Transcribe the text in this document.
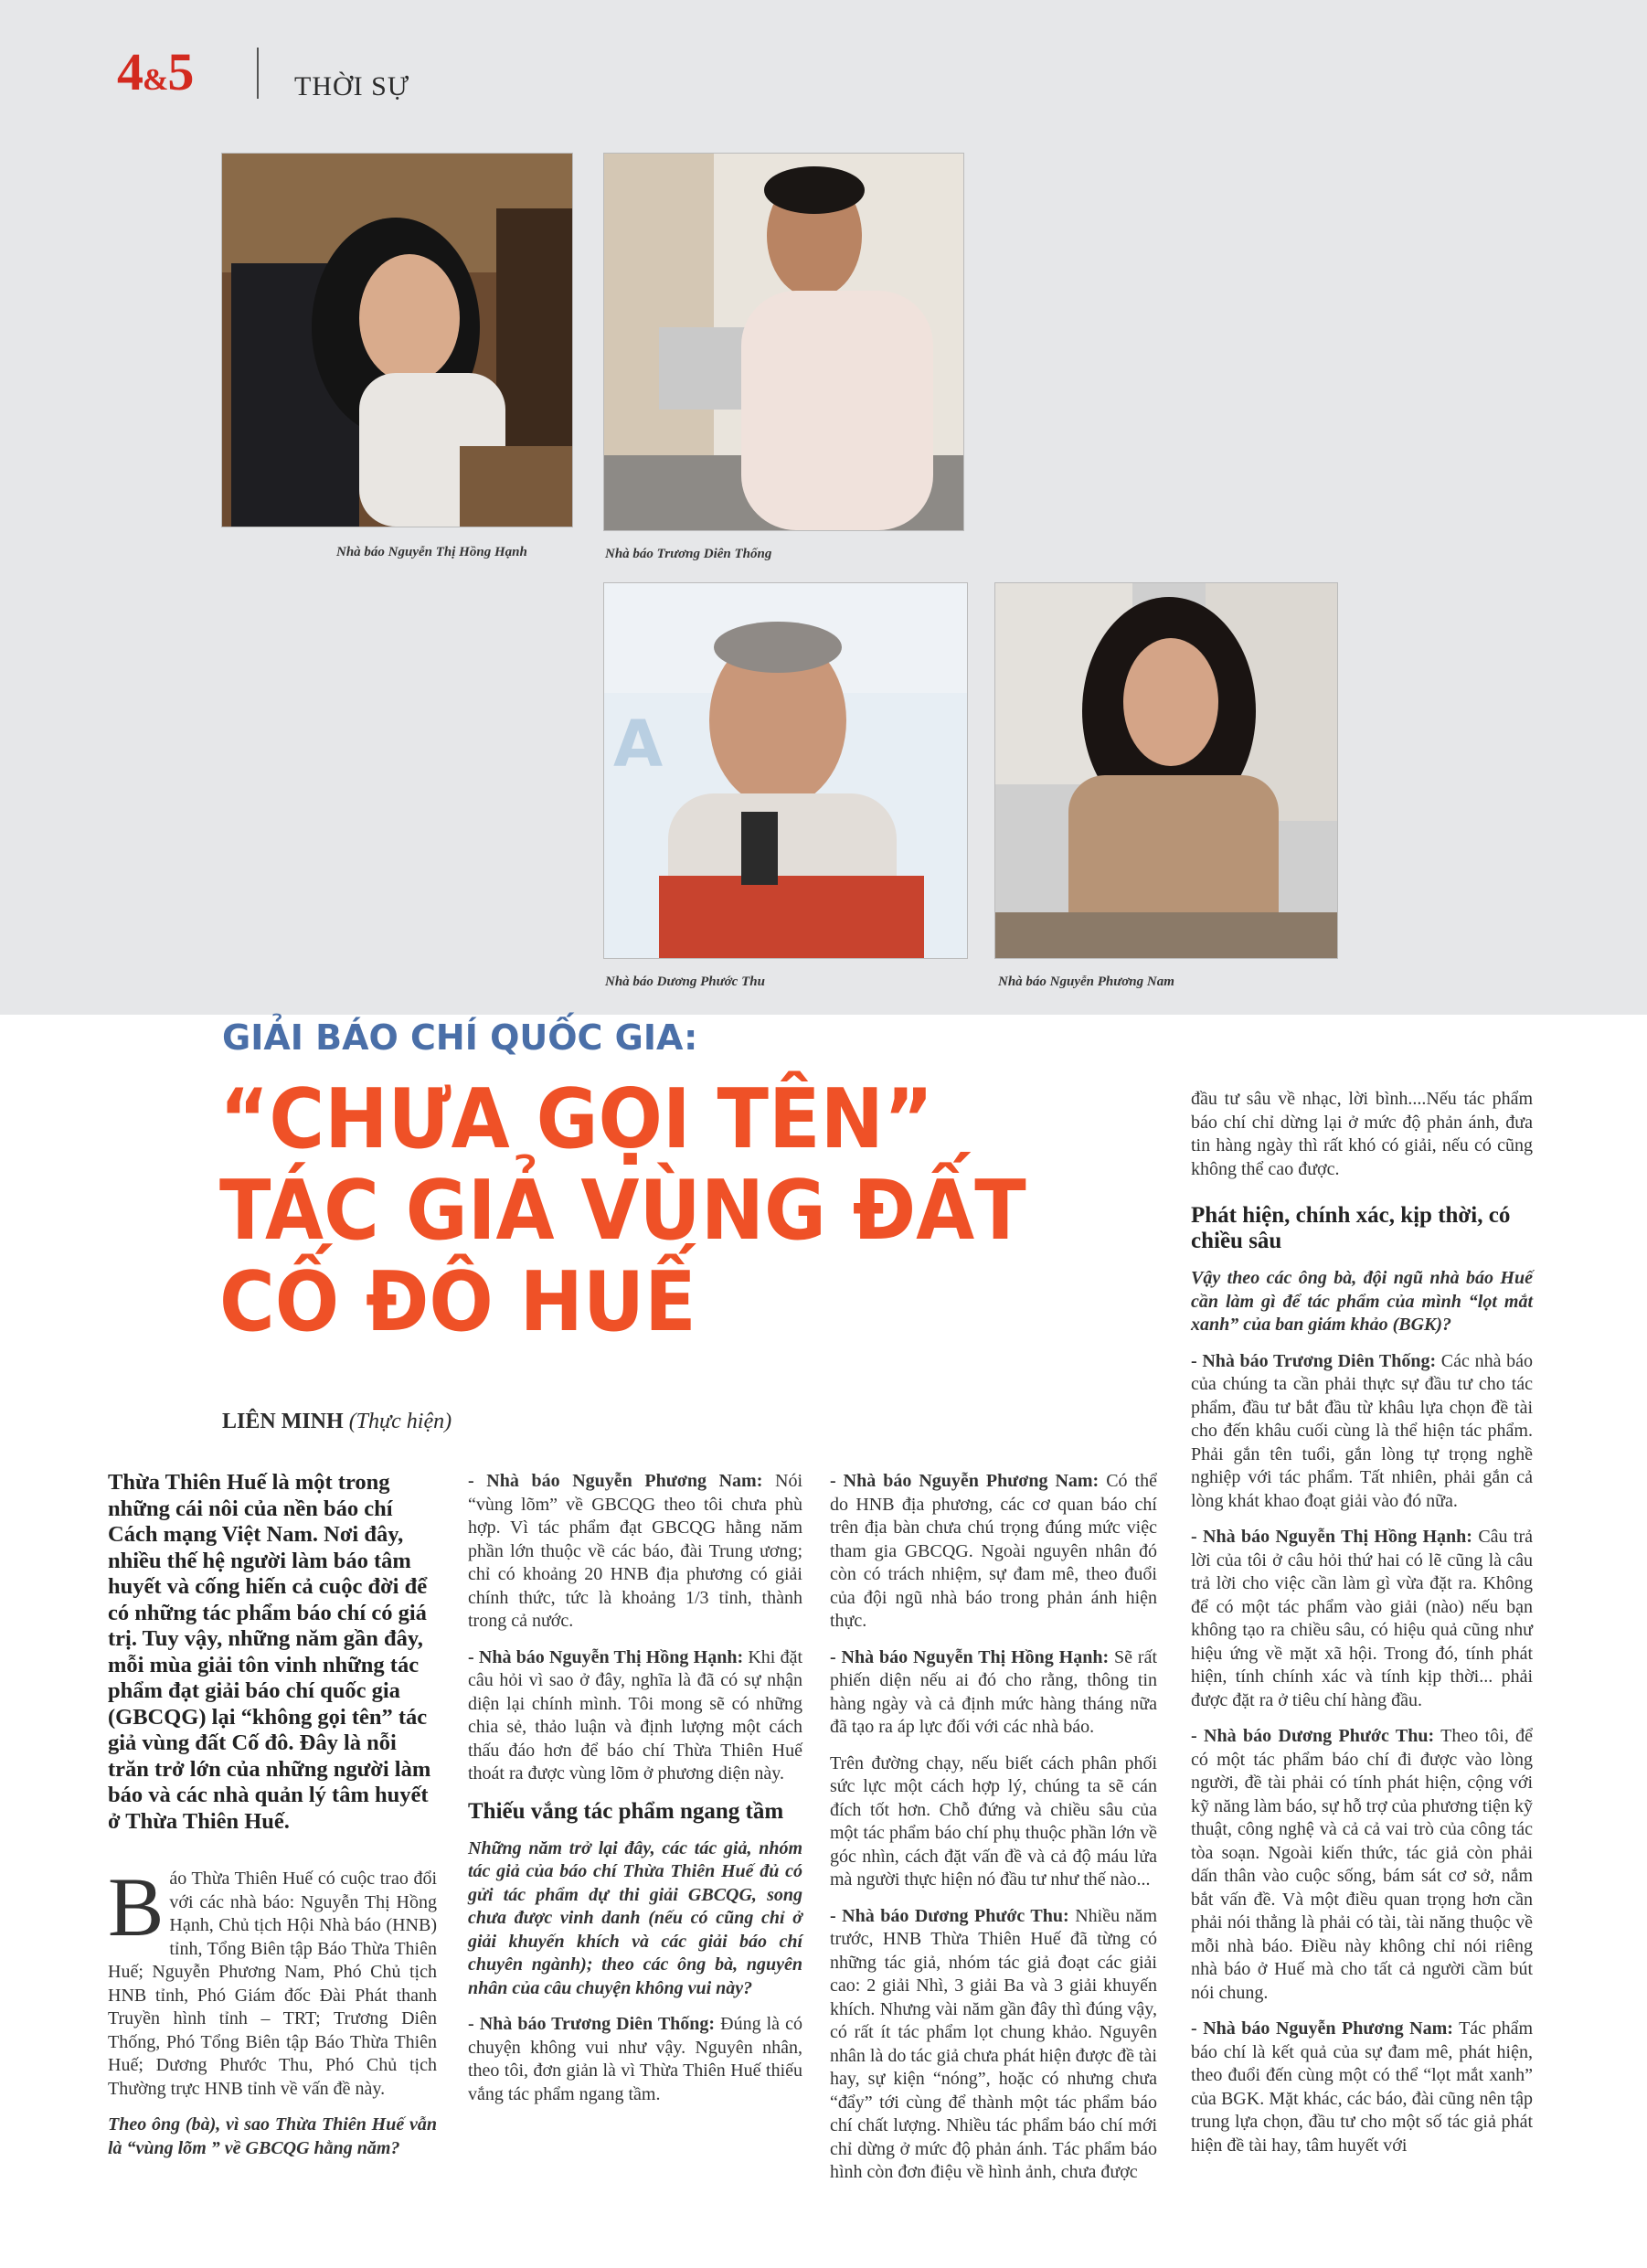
4&5	THỜI SỰ
Nhà báo Nguyễn Thị Hồng Hạnh	Nhà báo Trương Diên Thống
A
Nhà báo Dương Phước Thu	Nhà báo Nguyễn Phương Nam
GIẢI BÁO CHÍ QUỐC GIA:
“CHƯA GỌI TÊN”
TÁC GIẢ VÙNG ĐẤT
CỐ ĐÔ HUẾ
LIÊN MINH (Thực hiện)

Thừa Thiên Huế là một trong những cái nôi của nền báo chí Cách mạng Việt Nam. Nơi đây, nhiều thế hệ người làm báo tâm huyết và cống hiến cả cuộc đời để có những tác phẩm báo chí có giá trị. Tuy vậy, những năm gần đây, mỗi mùa giải tôn vinh những tác phẩm đạt giải báo chí quốc gia (GBCQG) lại “không gọi tên” tác giả vùng đất Cố đô. Đây là nỗi trăn trở lớn của những người làm báo và các nhà quản lý tâm huyết ở Thừa Thiên Huế.

Báo Thừa Thiên Huế có cuộc trao đổi với các nhà báo: Nguyễn Thị Hồng Hạnh, Chủ tịch Hội Nhà báo (HNB) tỉnh, Tổng Biên tập Báo Thừa Thiên Huế; Nguyễn Phương Nam, Phó Chủ tịch HNB tỉnh, Phó Giám đốc Đài Phát thanh Truyền hình tỉnh – TRT; Trương Diên Thống, Phó Tổng Biên tập Báo Thừa Thiên Huế; Dương Phước Thu, Phó Chủ tịch Thường trực HNB tỉnh về vấn đề này.

Theo ông (bà), vì sao Thừa Thiên Huế vẫn là “vùng lõm ” về GBCQG hằng năm?

- Nhà báo Nguyễn Phương Nam: Nói “vùng lõm” về GBCQG theo tôi chưa phù hợp. Vì tác phẩm đạt GBCQG hằng năm phần lớn thuộc về các báo, đài Trung ương; chỉ có khoảng 20 HNB địa phương có giải chính thức, tức là khoảng 1/3 tỉnh, thành trong cả nước.

- Nhà báo Nguyễn Thị Hồng Hạnh: Khi đặt câu hỏi vì sao ở đây, nghĩa là đã có sự nhận diện lại chính mình. Tôi mong sẽ có những chia sẻ, thảo luận và định lượng một cách thấu đáo hơn để báo chí Thừa Thiên Huế thoát ra được vùng lõm ở phương diện này.

Thiếu vắng tác phẩm ngang tầm

Những năm trở lại đây, các tác giả, nhóm tác giả của báo chí Thừa Thiên Huế đủ có gửi tác phẩm dự thi giải GBCQG, song chưa được vinh danh (nếu có cũng chỉ ở giải khuyến khích và các giải báo chí chuyên ngành); theo các ông bà, nguyên nhân của câu chuyện không vui này?

- Nhà báo Trương Diên Thống: Đúng là có chuyện không vui như vậy. Nguyên nhân, theo tôi, đơn giản là vì Thừa Thiên Huế thiếu vắng tác phẩm ngang tầm.

- Nhà báo Nguyễn Phương Nam: Có thể do HNB địa phương, các cơ quan báo chí trên địa bàn chưa chú trọng đúng mức việc tham gia GBCQG. Ngoài nguyên nhân đó còn có trách nhiệm, sự đam mê, theo đuổi của đội ngũ nhà báo trong phản ánh hiện thực.

- Nhà báo Nguyễn Thị Hồng Hạnh: Sẽ rất phiến diện nếu ai đó cho rằng, thông tin hàng ngày và cả định mức hàng tháng nữa đã tạo ra áp lực đối với các nhà báo.

Trên đường chạy, nếu biết cách phân phối sức lực một cách hợp lý, chúng ta sẽ cán đích tốt hơn. Chỗ đứng và chiều sâu của một tác phẩm báo chí phụ thuộc phần lớn về góc nhìn, cách đặt vấn đề và cả độ máu lửa mà người thực hiện nó đầu tư như thế nào...

- Nhà báo Dương Phước Thu: Nhiều năm trước, HNB Thừa Thiên Huế đã từng có những tác giả, nhóm tác giả đoạt các giải cao: 2 giải Nhì, 3 giải Ba và 3 giải khuyến khích. Nhưng vài năm gần đây thì đúng vậy, có rất ít tác phẩm lọt chung khảo. Nguyên nhân là do tác giả chưa phát hiện được đề tài hay, sự kiện “nóng”, hoặc có nhưng chưa “đẩy” tới cùng để thành một tác phẩm báo chí chất lượng. Nhiều tác phẩm báo chí mới chỉ dừng ở mức độ phản ánh. Tác phẩm báo hình còn đơn điệu về hình ảnh, chưa được

đầu tư sâu về nhạc, lời bình....Nếu tác phẩm báo chí chỉ dừng lại ở mức độ phản ánh, đưa tin hàng ngày thì rất khó có giải, nếu có cũng không thể cao được.

Phát hiện, chính xác, kịp thời, có chiều sâu

Vậy theo các ông bà, đội ngũ nhà báo Huế cần làm gì để tác phẩm của mình “lọt mắt xanh” của ban giám khảo (BGK)?

- Nhà báo Trương Diên Thống: Các nhà báo của chúng ta cần phải thực sự đầu tư cho tác phẩm, đầu tư bắt đầu từ khâu lựa chọn đề tài cho đến khâu cuối cùng là thể hiện tác phẩm. Phải gắn tên tuổi, gắn lòng tự trọng nghề nghiệp với tác phẩm. Tất nhiên, phải gắn cả lòng khát khao đoạt giải vào đó nữa.

- Nhà báo Nguyễn Thị Hồng Hạnh: Câu trả lời của tôi ở câu hỏi thứ hai có lẽ cũng là câu trả lời cho việc cần làm gì vừa đặt ra. Không để có một tác phẩm vào giải (nào) nếu bạn không tạo ra chiều sâu, có hiệu quả cũng như hiệu ứng về mặt xã hội. Trong đó, tính phát hiện, tính chính xác và tính kịp thời... phải được đặt ra ở tiêu chí hàng đầu.

- Nhà báo Dương Phước Thu: Theo tôi, để có một tác phẩm báo chí đi được vào lòng người, đề tài phải có tính phát hiện, cộng với kỹ năng làm báo, sự hỗ trợ của phương tiện kỹ thuật, công nghệ và cả cả vai trò của công tác tòa soạn. Ngoài kiến thức, tác giả còn phải dấn thân vào cuộc sống, bám sát cơ sở, nắm bắt vấn đề. Và một điều quan trọng hơn cần phải nói thẳng là phải có tài, tài năng thuộc về mỗi nhà báo. Điều này không chỉ nói riêng nhà báo ở Huế mà cho tất cả người cầm bút nói chung.

- Nhà báo Nguyễn Phương Nam: Tác phẩm báo chí là kết quả của sự đam mê, phát hiện, theo đuổi đến cùng một có thể “lọt mắt xanh” của BGK. Mặt khác, các báo, đài cũng nên tập trung lựa chọn, đầu tư cho một số tác giả phát hiện đề tài hay, tâm huyết với
